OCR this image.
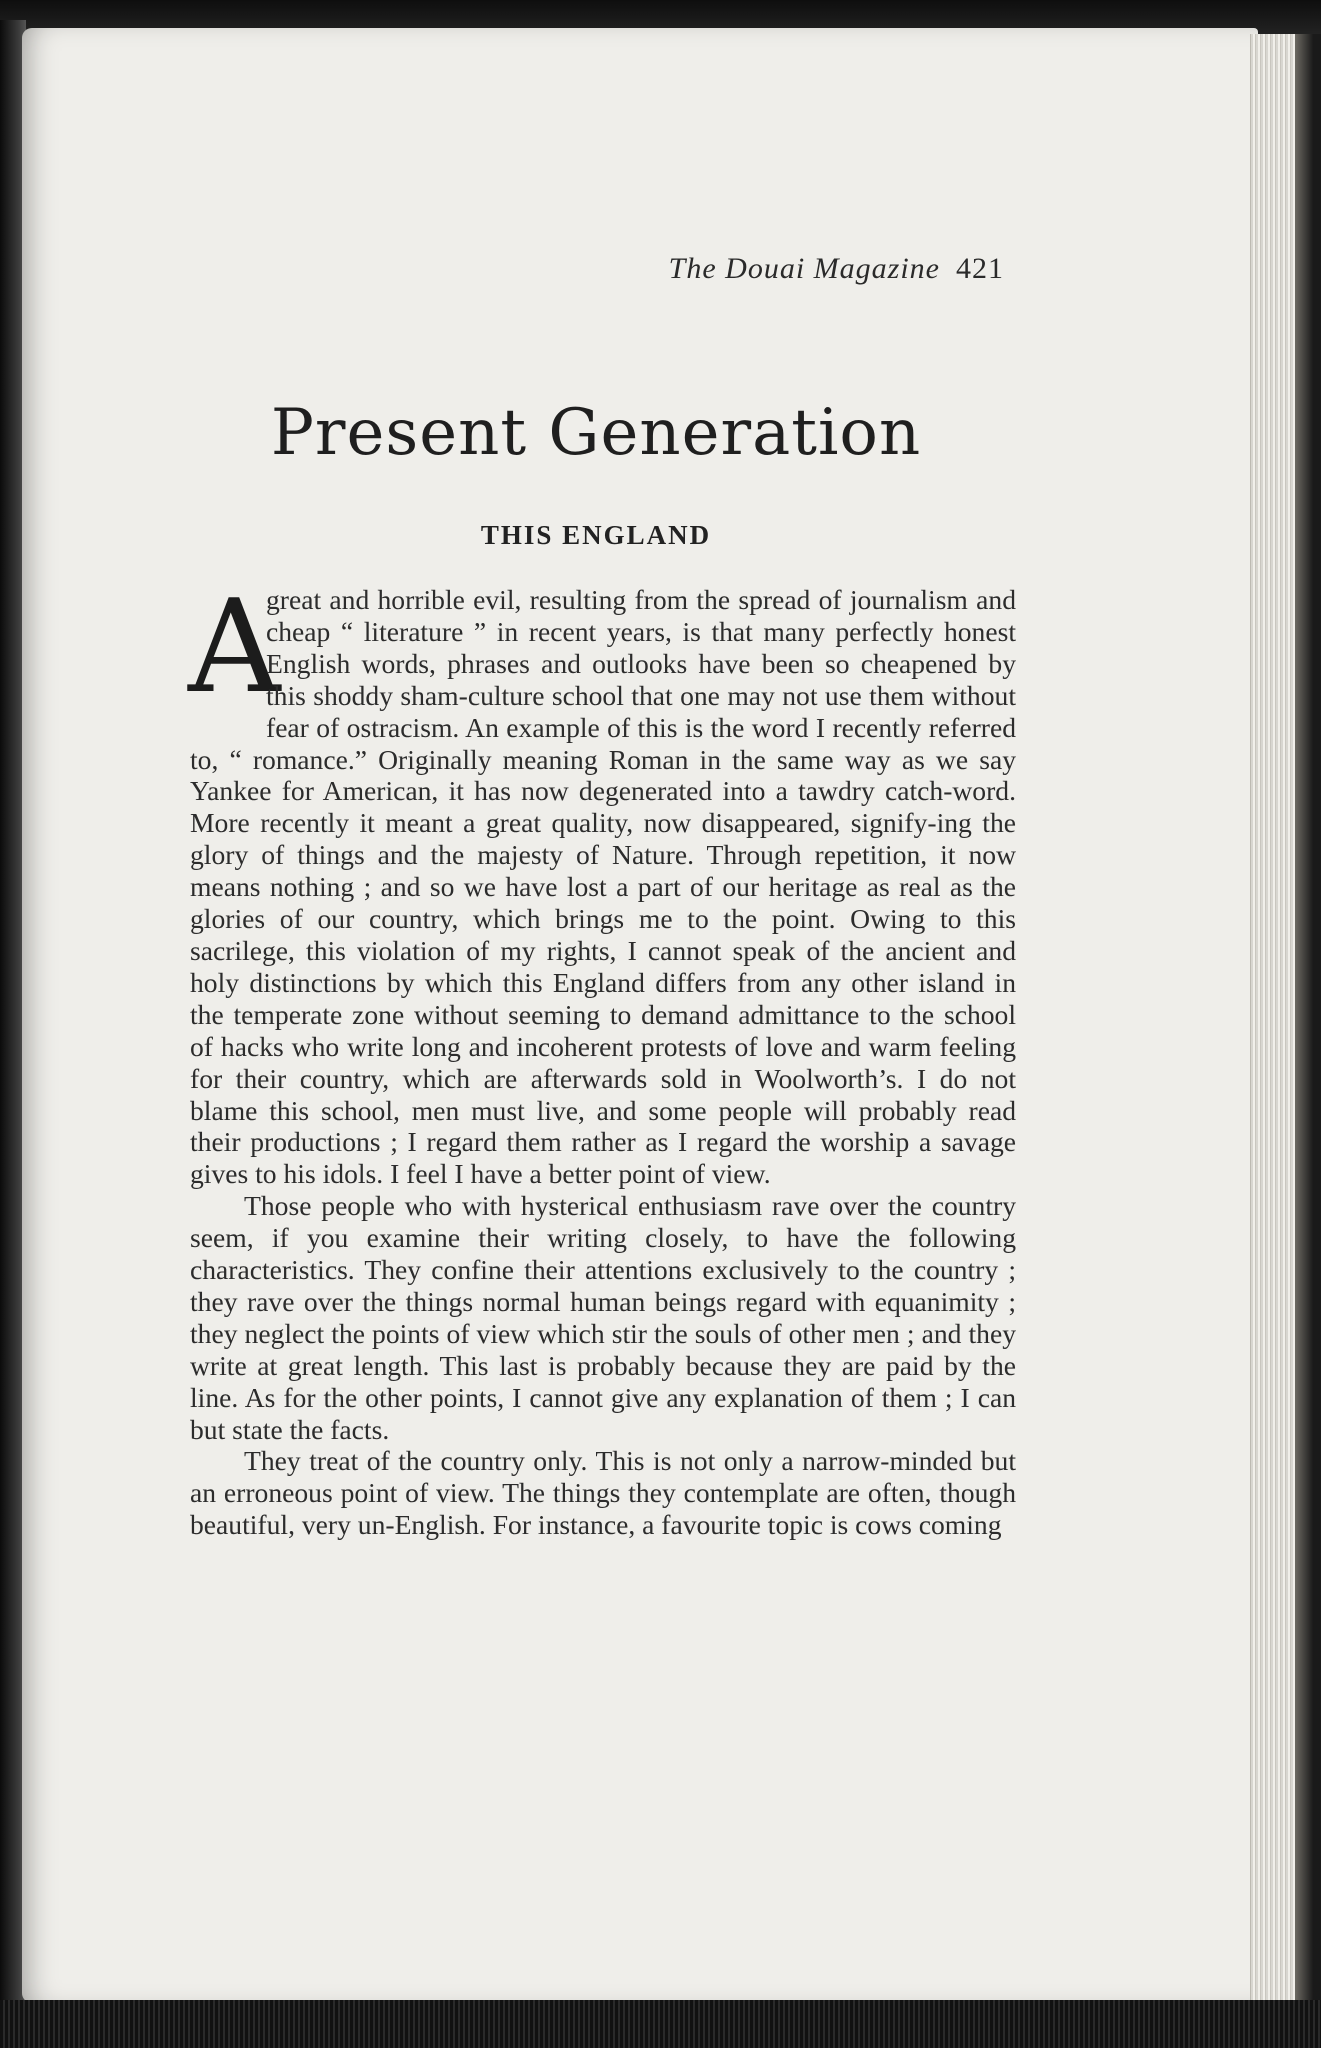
The Douai Magazine 421
Present Generation
THIS ENGLAND

A
great and horrible evil, resulting from the spread of journalism and cheap “ literature ” in recent years, is that many perfectly honest English words, phrases and outlooks have been so cheapened by this shoddy sham-culture school that one may not use them without fear of ostracism. An example of this is the word I recently referred to, “ romance.” Originally meaning Roman in the same way as we say Yankee for American, it has now degenerated into a tawdry catch-word. More recently it meant a great quality, now disappeared, signify-ing the glory of things and the majesty of Nature. Through repetition, it now means nothing ; and so we have lost a part of our heritage as real as the glories of our country, which brings me to the point. Owing to this sacrilege, this violation of my rights, I cannot speak of the ancient and holy distinctions by which this England differs from any other island in the temperate zone without seeming to demand admittance to the school of hacks who write long and incoherent protests of love and warm feeling for their country, which are afterwards sold in Woolworth’s. I do not blame this school, men must live, and some people will probably read their productions ; I regard them rather as I regard the worship a savage gives to his idols. I feel I have a better point of view.

Those people who with hysterical enthusiasm rave over the country seem, if you examine their writing closely, to have the following characteristics. They confine their attentions exclusively to the country ; they rave over the things normal human beings regard with equanimity ; they neglect the points of view which stir the souls of other men ; and they write at great length. This last is probably because they are paid by the line. As for the other points, I cannot give any explanation of them ; I can but state the facts.

They treat of the country only. This is not only a narrow-minded but an erroneous point of view. The things they contemplate are often, though beautiful, very un-English. For instance, a favourite topic is cows coming
